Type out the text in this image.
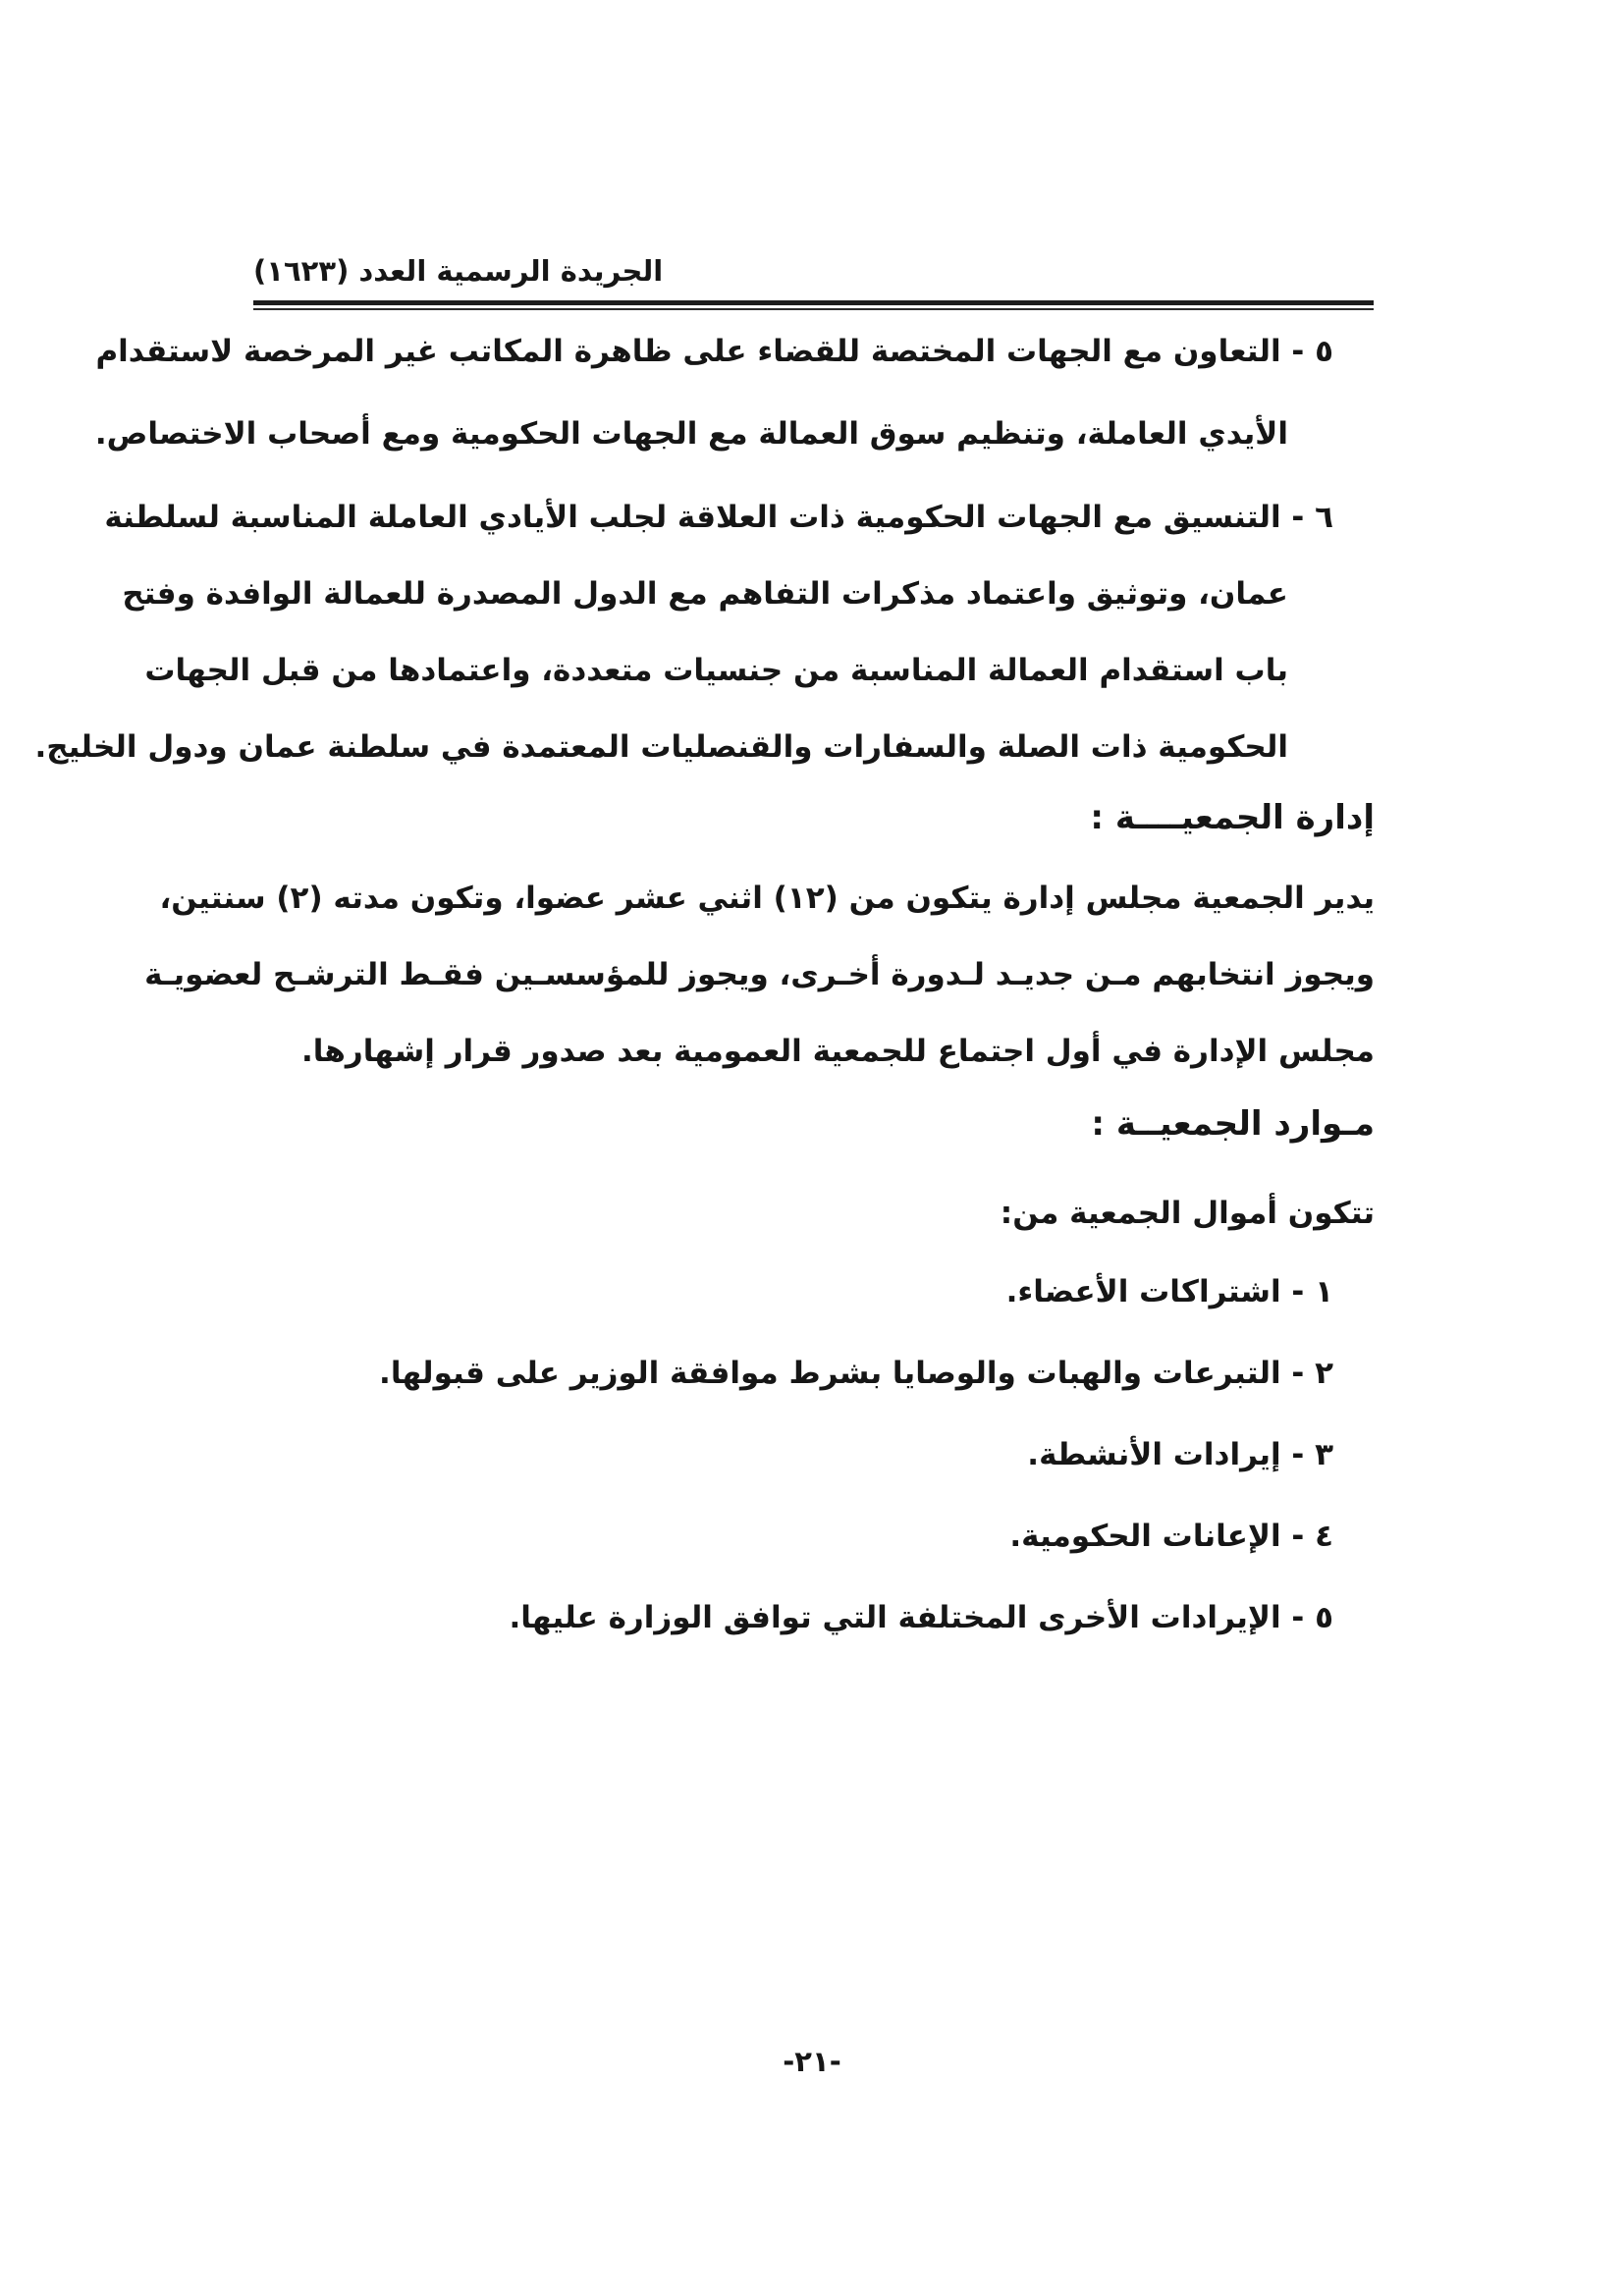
الجريدة الرسمية العدد (١٦٢٣)
٥ - التعاون مع الجهات المختصة للقضاء على ظاهرة المكاتب غير المرخصة لاستقدام
الأيدي العاملة، وتنظيم سوق العمالة مع الجهات الحكومية ومع أصحاب الاختصاص.
٦ - التنسيق مع الجهات الحكومية ذات العلاقة لجلب الأيادي العاملة المناسبة لسلطنة
عمان، وتوثيق واعتماد مذكرات التفاهم مع الدول المصدرة للعمالة الوافدة وفتح
باب استقدام العمالة المناسبة من جنسيات متعددة، واعتمادها من قبل الجهات
الحكومية ذات الصلة والسفارات والقنصليات المعتمدة في سلطنة عمان ودول الخليج.
إدارة الجمعيــــة :
يدير الجمعية مجلس إدارة يتكون من (١٢) اثني عشر عضوا، وتكون مدته (٢) سنتين،
ويجوز انتخابهم مـن جديـد لـدورة أخـرى، ويجوز للمؤسسـين فقـط الترشـح لعضويـة
مجلس الإدارة في أول اجتماع للجمعية العمومية بعد صدور قرار إشهارها.
مـوارد الجمعيــة :
تتكون أموال الجمعية من:
١ - اشتراكات الأعضاء.
٢ - التبرعات والهبات والوصايا بشرط موافقة الوزير على قبولها.
٣ - إيرادات الأنشطة.
٤ - الإعانات الحكومية.
٥ - الإيرادات الأخرى المختلفة التي توافق الوزارة عليها.
-٢١-
